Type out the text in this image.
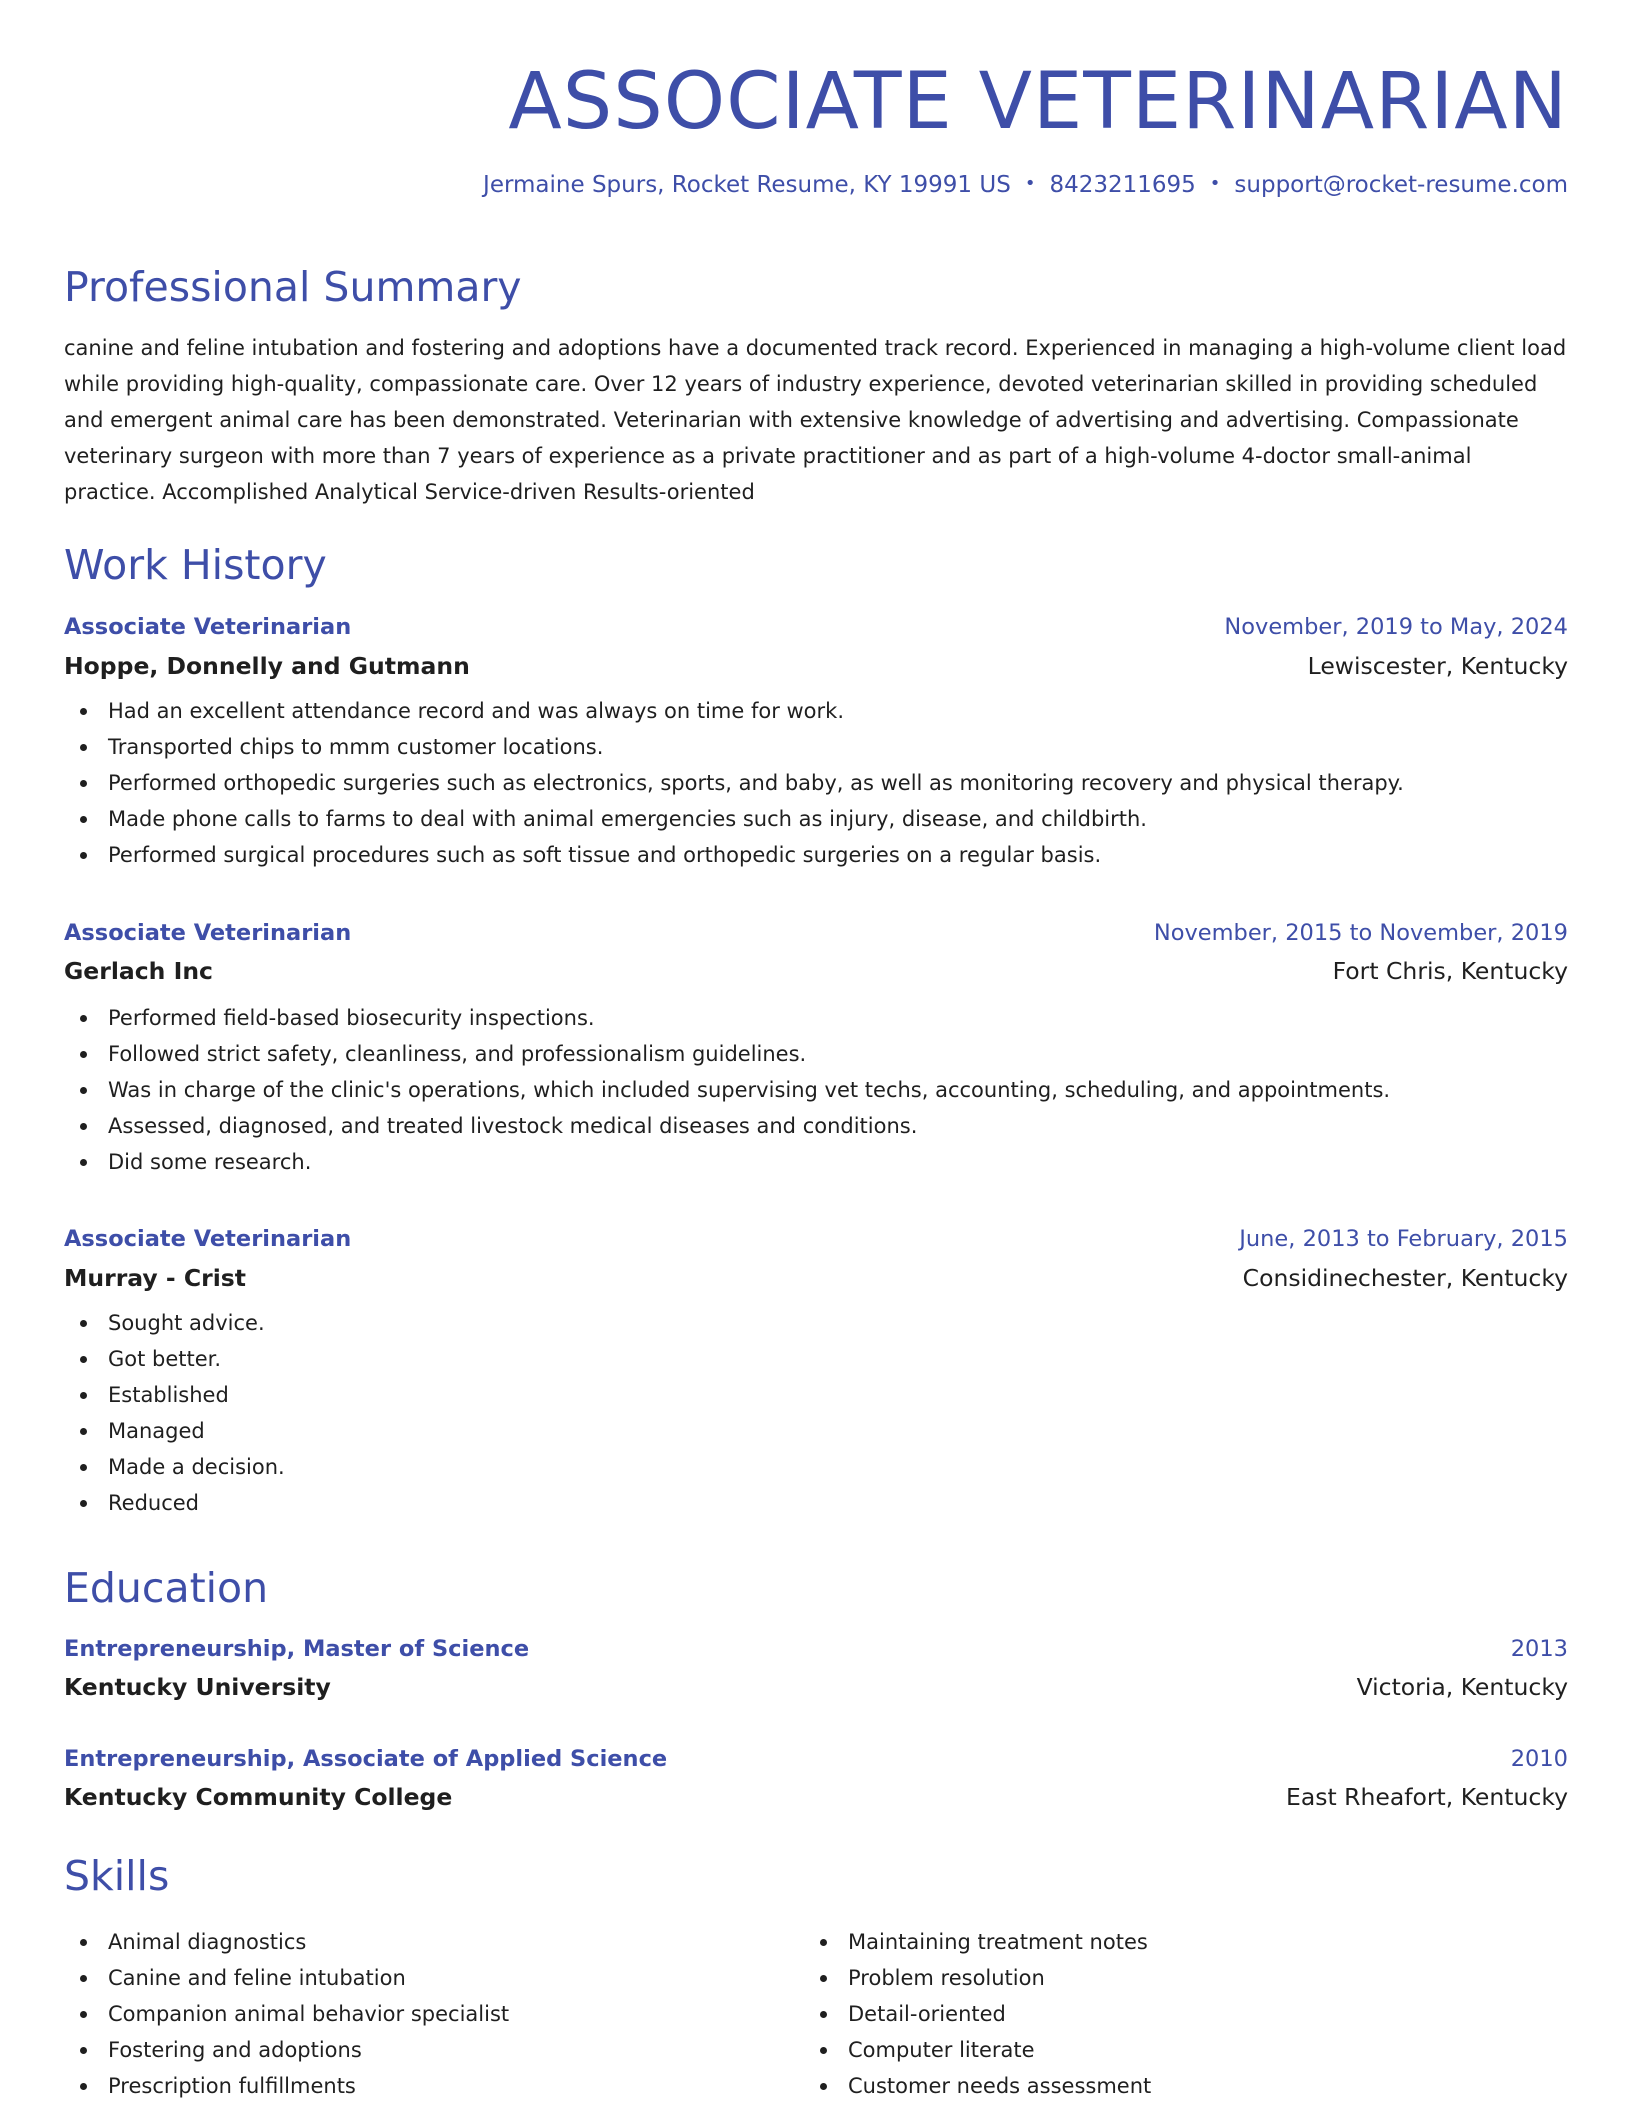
ASSOCIATE VETERINARIAN
Jermaine Spurs, Rocket Resume, KY 19991 US • 8423211695 • support@rocket-resume.com
Professional Summary

canine and feline intubation and fostering and adoptions have a documented track record. Experienced in managing a high-volume client load while providing high-quality, compassionate care. Over 12 years of industry experience, devoted veterinarian skilled in providing scheduled and emergent animal care has been demonstrated. Veterinarian with extensive knowledge of advertising and advertising. Compassionate veterinary surgeon with more than 7 years of experience as a private practitioner and as part of a high-volume 4-doctor small-animal practice. Accomplished Analytical Service-driven Results-oriented

Work History
Associate Veterinarian	November, 2019 to May, 2024
Hoppe, Donnelly and Gutmann	Lewiscester, Kentucky
Had an excellent attendance record and was always on time for work.
Transported chips to mmm customer locations.
Performed orthopedic surgeries such as electronics, sports, and baby, as well as monitoring recovery and physical therapy.
Made phone calls to farms to deal with animal emergencies such as injury, disease, and childbirth.
Performed surgical procedures such as soft tissue and orthopedic surgeries on a regular basis.
Associate Veterinarian	November, 2015 to November, 2019
Gerlach Inc	Fort Chris, Kentucky
Performed field-based biosecurity inspections.
Followed strict safety, cleanliness, and professionalism guidelines.
Was in charge of the clinic's operations, which included supervising vet techs, accounting, scheduling, and appointments.
Assessed, diagnosed, and treated livestock medical diseases and conditions.
Did some research.
Associate Veterinarian	June, 2013 to February, 2015
Murray - Crist	Considinechester, Kentucky
Sought advice.
Got better.
Established
Managed
Made a decision.
Reduced
Education
Entrepreneurship, Master of Science	2013
Kentucky University	Victoria, Kentucky
Entrepreneurship, Associate of Applied Science	2010
Kentucky Community College	East Rheafort, Kentucky
Skills
Animal diagnostics
Canine and feline intubation
Companion animal behavior specialist
Fostering and adoptions
Prescription fulfillments
Maintaining treatment notes
Problem resolution
Detail-oriented
Computer literate
Customer needs assessment
